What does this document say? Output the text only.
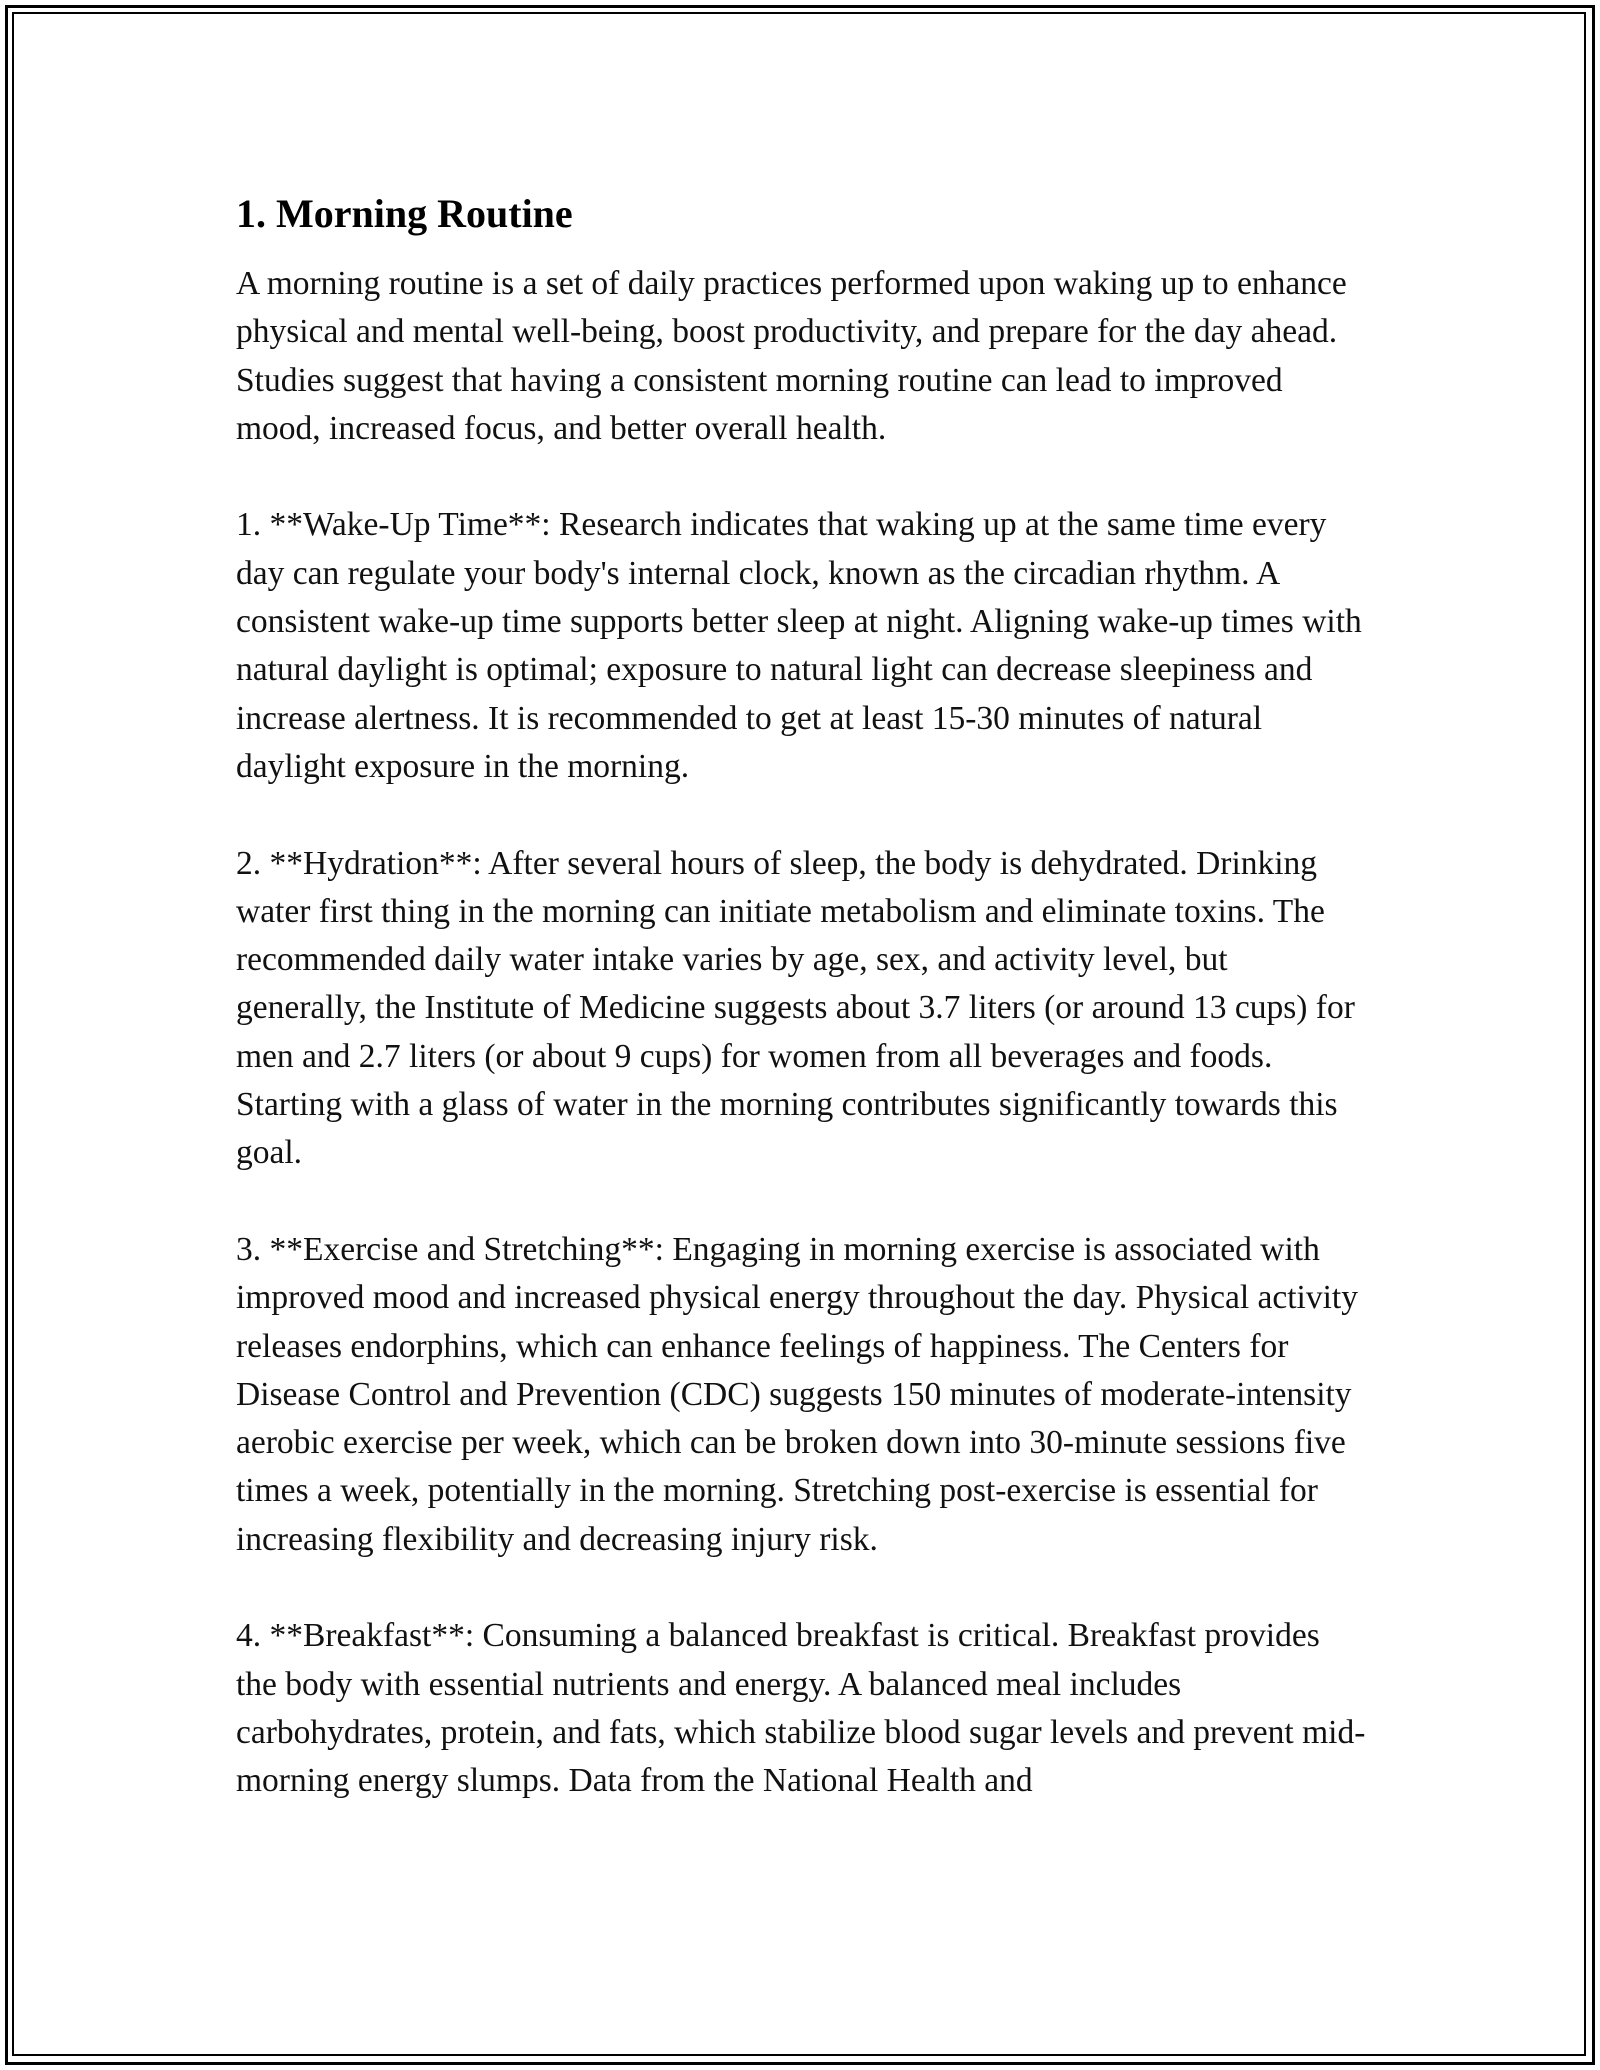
1. Morning Routine

A morning routine is a set of daily practices performed upon waking up to enhance physical and mental well-being, boost productivity, and prepare for the day ahead. Studies suggest that having a consistent morning routine can lead to improved mood, increased focus, and better overall health.

1. **Wake-Up Time**: Research indicates that waking up at the same time every day can regulate your body's internal clock, known as the circadian rhythm. A consistent wake-up time supports better sleep at night. Aligning wake-up times with natural daylight is optimal; exposure to natural light can decrease sleepiness and increase alertness. It is recommended to get at least 15-30 minutes of natural daylight exposure in the morning.

2. **Hydration**: After several hours of sleep, the body is dehydrated. Drinking water first thing in the morning can initiate metabolism and eliminate toxins. The recommended daily water intake varies by age, sex, and activity level, but generally, the Institute of Medicine suggests about 3.7 liters (or around 13 cups) for men and 2.7 liters (or about 9 cups) for women from all beverages and foods. Starting with a glass of water in the morning contributes significantly towards this goal.

3. **Exercise and Stretching**: Engaging in morning exercise is associated with improved mood and increased physical energy throughout the day. Physical activity releases endorphins, which can enhance feelings of happiness. The Centers for Disease Control and Prevention (CDC) suggests 150 minutes of moderate-intensity aerobic exercise per week, which can be broken down into 30-minute sessions five times a week, potentially in the morning. Stretching post-exercise is essential for increasing flexibility and decreasing injury risk.

4. **Breakfast**: Consuming a balanced breakfast is critical. Breakfast provides the body with essential nutrients and energy. A balanced meal includes carbohydrates, protein, and fats, which stabilize blood sugar levels and prevent mid-morning energy slumps. Data from the National Health and
